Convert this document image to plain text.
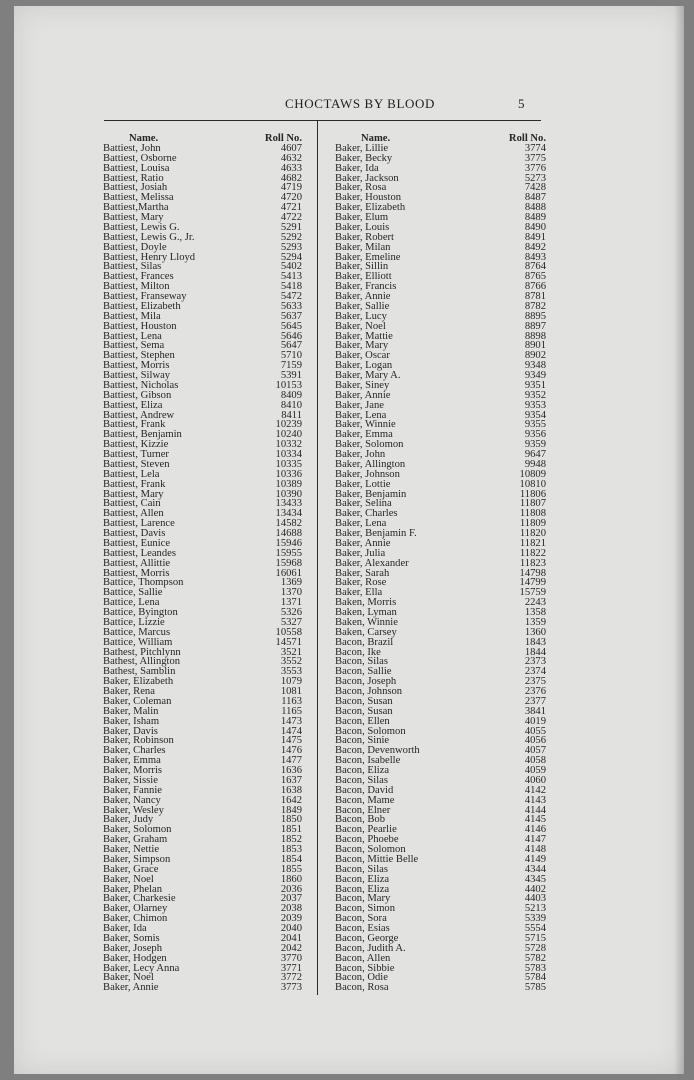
CHOCTAWS BY BLOOD	5
Name.	Roll No.
Battiest, John	4607
Battiest, Osborne	4632
Battiest, Louisa	4633
Battiest, Ratio	4682
Battiest, Josiah	4719
Battiest, Melissa	4720
Battiest,Martha	4721
Battiest, Mary	4722
Battiest, Lewis G.	5291
Battiest, Lewis G., Jr.	5292
Battiest, Doyle	5293
Battiest, Henry Lloyd	5294
Battiest, Silas	5402
Battiest, Frances	5413
Battiest, Milton	5418
Battiest, Franseway	5472
Battiest, Elizabeth	5633
Battiest, Mila	5637
Battiest, Houston	5645
Battiest, Lena	5646
Battiest, Sema	5647
Battiest, Stephen	5710
Battiest, Morris	7159
Battiest, Silway	5391
Battiest, Nicholas	10153
Battiest, Gibson	8409
Battiest, Eliza	8410
Battiest, Andrew	8411
Battiest, Frank	10239
Battiest, Benjamin	10240
Battiest, Kizzie	10332
Battiest, Turner	10334
Battiest, Steven	10335
Battiest, Lela	10336
Battiest, Frank	10389
Battiest, Mary	10390
Battiest, Cain	13433
Battiest, Allen	13434
Battiest, Larence	14582
Battiest, Davis	14688
Battiest, Eunice	15946
Battiest, Leandes	15955
Battiest, Allittie	15968
Battiest, Morris	16061
Battice, Thompson	1369
Battice, Sallie	1370
Battice, Lena	1371
Battice, Byington	5326
Battice, Lizzie	5327
Battice, Marcus	10558
Battice, William	14571
Bathest, Pitchlynn	3521
Bathest, Allington	3552
Bathest, Samblin	3553
Baker, Elizabeth	1079
Baker, Rena	1081
Baker, Coleman	1163
Baker, Malin	1165
Baker, Isham	1473
Baker, Davis	1474
Baker, Robinson	1475
Baker, Charles	1476
Baker, Emma	1477
Baker, Morris	1636
Baker, Sissie	1637
Baker, Fannie	1638
Baker, Nancy	1642
Baker, Wesley	1849
Baker, Judy	1850
Baker, Solomon	1851
Baker, Graham	1852
Baker, Nettie	1853
Baker, Simpson	1854
Baker, Grace	1855
Baker, Noel	1860
Baker, Phelan	2036
Baker, Charkesie	2037
Baker, Olarney	2038
Baker, Chimon	2039
Baker, Ida	2040
Baker, Somis	2041
Baker, Joseph	2042
Baker, Hodgen	3770
Baker, Lecy Anna	3771
Baker, Noel	3772
Baker, Annie	3773
Name.	Roll No.
Baker, Lillie	3774
Baker, Becky	3775
Baker, Ida	3776
Baker, Jackson	5273
Baker, Rosa	7428
Baker, Houston	8487
Baker, Elizabeth	8488
Baker, Elum	8489
Baker, Louis	8490
Baker, Robert	8491
Baker, Milan	8492
Baker, Emeline	8493
Baker, Sillin	8764
Baker, Elliott	8765
Baker, Francis	8766
Baker, Annie	8781
Baker, Sallie	8782
Baker, Lucy	8895
Baker, Noel	8897
Baker, Mattie	8898
Baker, Mary	8901
Baker, Oscar	8902
Baker, Logan	9348
Baker, Mary A.	9349
Baker, Siney	9351
Baker, Annie	9352
Baker, Jane	9353
Baker, Lena	9354
Baker, Winnie	9355
Baker, Emma	9356
Baker, Solomon	9359
Baker, John	9647
Baker, Allington	9948
Baker, Johnson	10809
Baker, Lottie	10810
Baker, Benjamin	11806
Baker, Selina	11807
Baker, Charles	11808
Baker, Lena	11809
Baker, Benjamin F.	11820
Baker, Annie	11821
Baker, Julia	11822
Baker, Alexander	11823
Baker, Sarah	14798
Baker, Rose	14799
Baker, Ella	15759
Baken, Morris	2243
Baken, Lyman	1358
Baken, Winnie	1359
Baken, Carsey	1360
Bacon, Brazil	1843
Bacon, Ike	1844
Bacon, Silas	2373
Bacon, Sallie	2374
Bacon, Joseph	2375
Bacon, Johnson	2376
Bacon, Susan	2377
Bacon, Susan	3841
Bacon, Ellen	4019
Bacon, Solomon	4055
Bacon, Sinie	4056
Bacon, Devenworth	4057
Bacon, Isabelle	4058
Bacon, Eliza	4059
Bacon, Silas	4060
Bacon, David	4142
Bacon, Mame	4143
Bacon, Elner	4144
Bacon, Bob	4145
Bacon, Pearlie	4146
Bacon, Phoebe	4147
Bacon, Solomon	4148
Bacon, Mittie Belle	4149
Bacon, Silas	4344
Bacon, Eliza	4345
Bacon, Eliza	4402
Bacon, Mary	4403
Bacon, Simon	5213
Bacon, Sora	5339
Bacon, Esias	5554
Bacon, George	5715
Bacon, Judith A.	5728
Bacon, Allen	5782
Bacon, Sibbie	5783
Bacon, Odie	5784
Bacon, Rosa	5785
